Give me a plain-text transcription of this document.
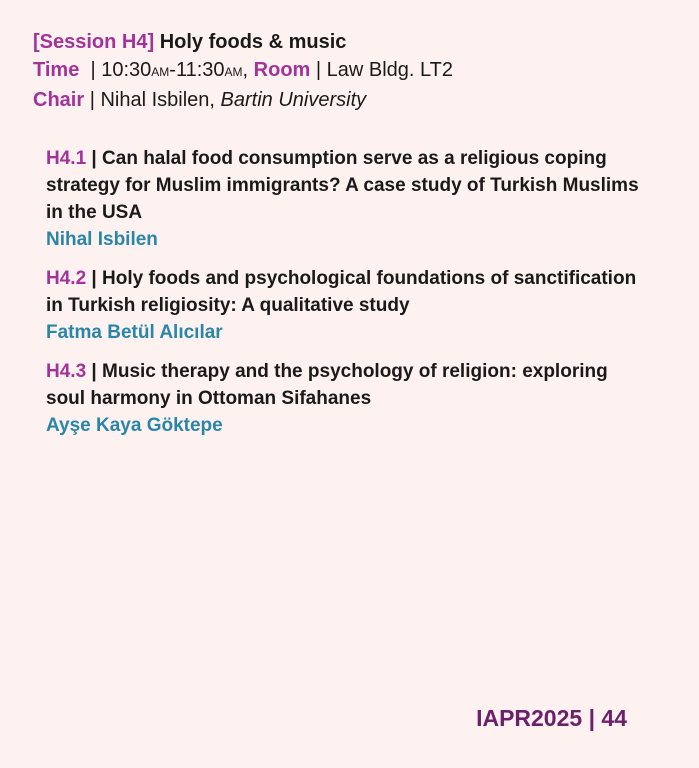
[Session H4] Holy foods & music
Time | 10:30AM-11:30AM, Room | Law Bldg. LT2
Chair | Nihal Isbilen, Bartin University
H4.1 | Can halal food consumption serve as a religious coping strategy for Muslim immigrants? A case study of Turkish Muslims in the USA
Nihal Isbilen
H4.2 | Holy foods and psychological foundations of sanctification in Turkish religiosity: A qualitative study
Fatma Betül Alıcılar
H4.3 | Music therapy and the psychology of religion: exploring soul harmony in Ottoman Sifahanes
Ayşe Kaya Göktepe
IAPR2025 | 44
